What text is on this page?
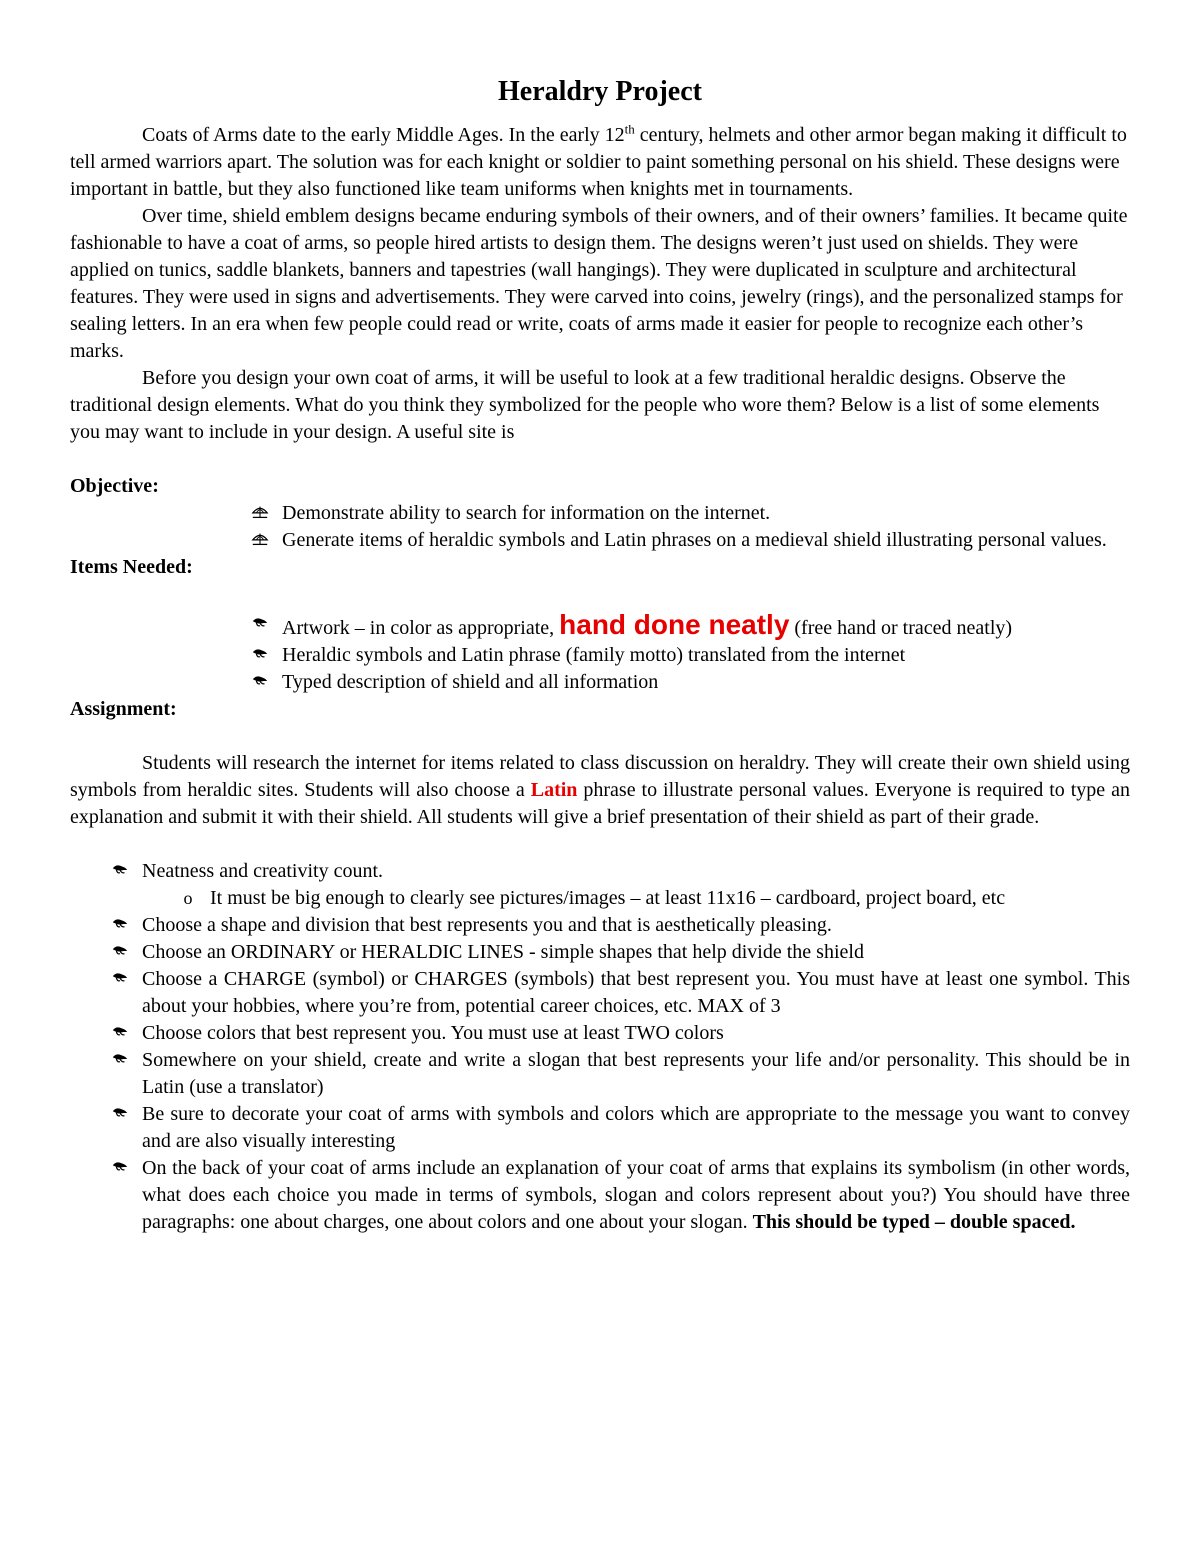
Heraldry Project

Coats of Arms date to the early Middle Ages. In the early 12th century, helmets and other armor began making it difficult to tell armed warriors apart. The solution was for each knight or soldier to paint something personal on his shield. These designs were important in battle, but they also functioned like team uniforms when knights met in tournaments.

Over time, shield emblem designs became enduring symbols of their owners, and of their owners’ families. It became quite fashionable to have a coat of arms, so people hired artists to design them. The designs weren’t just used on shields. They were applied on tunics, saddle blankets, banners and tapestries (wall hangings). They were duplicated in sculpture and architectural features. They were used in signs and advertisements. They were carved into coins, jewelry (rings), and the personalized stamps for sealing letters. In an era when few people could read or write, coats of arms made it easier for people to recognize each other’s marks.

Before you design your own coat of arms, it will be useful to look at a few traditional heraldic designs. Observe the traditional design elements. What do you think they symbolized for the people who wore them? Below is a list of some elements you may want to include in your design. A useful site is

Objective:

Demonstrate ability to search for information on the internet.
Generate items of heraldic symbols and Latin phrases on a medieval shield illustrating personal values.

Items Needed:

Artwork – in color as appropriate, hand done neatly (free hand or traced neatly)
Heraldic symbols and Latin phrase (family motto) translated from the internet
Typed description of shield and all information

Assignment:

Students will research the internet for items related to class discussion on heraldry. They will create their own shield using symbols from heraldic sites. Students will also choose a Latin phrase to illustrate personal values. Everyone is required to type an explanation and submit it with their shield. All students will give a brief presentation of their shield as part of their grade.

Neatness and creativity count.
o It must be big enough to clearly see pictures/images – at least 11x16 – cardboard, project board, etc
Choose a shape and division that best represents you and that is aesthetically pleasing.
Choose an ORDINARY or HERALDIC LINES - simple shapes that help divide the shield
Choose a CHARGE (symbol) or CHARGES (symbols) that best represent you. You must have at least one symbol. This about your hobbies, where you’re from, potential career choices, etc. MAX of 3
Choose colors that best represent you. You must use at least TWO colors
Somewhere on your shield, create and write a slogan that best represents your life and/or personality. This should be in Latin (use a translator)
Be sure to decorate your coat of arms with symbols and colors which are appropriate to the message you want to convey and are also visually interesting
On the back of your coat of arms include an explanation of your coat of arms that explains its symbolism (in other words, what does each choice you made in terms of symbols, slogan and colors represent about you?) You should have three paragraphs: one about charges, one about colors and one about your slogan. This should be typed – double spaced.
